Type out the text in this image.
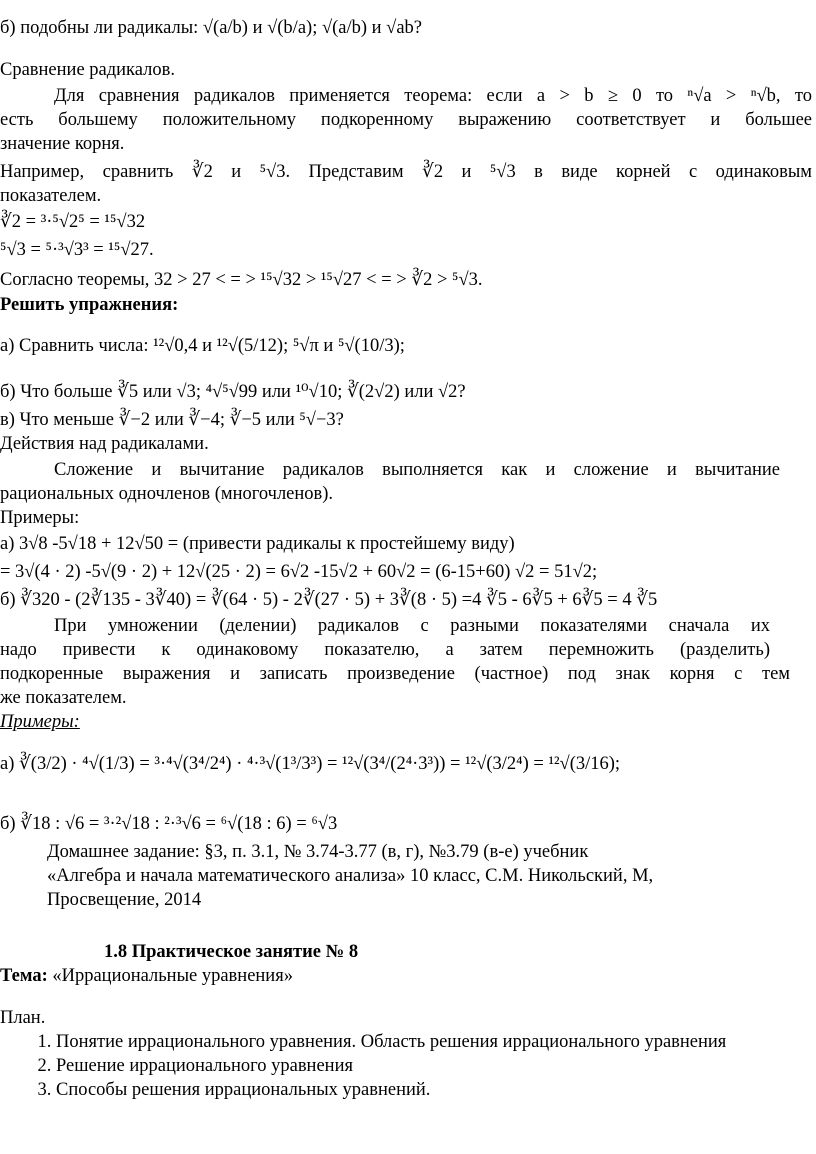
б) подобны ли радикалы: √(a/b) и √(b/a); √(a/b) и √ab?
Сравнение радикалов.
Для сравнения радикалов применяется теорема: если a > b ≥ 0 то ⁿ√a > ⁿ√b, то
есть большему положительному подкоренному выражению соответствует и большее
значение корня.
Например, сравнить ∛2 и ⁵√3. Представим ∛2 и ⁵√3 в виде корней с одинаковым
показателем.
∛2 = ³·⁵√2⁵ = ¹⁵√32
⁵√3 = ⁵·³√3³ = ¹⁵√27.
Согласно теоремы, 32 > 27 < = > ¹⁵√32 > ¹⁵√27 < = > ∛2 > ⁵√3.
Решить упражнения:
а) Сравнить числа: ¹²√0,4 и ¹²√(5/12); ⁵√π и ⁵√(10/3);
б) Что больше ∛5 или √3; ⁴√⁵√99 или ¹⁰√10; ∛(2√2) или √2?
в) Что меньше ∛−2 или ∛−4; ∛−5 или ⁵√−3?
Действия над радикалами.
Сложение и вычитание радикалов выполняется как и сложение и вычитание
рациональных одночленов (многочленов).
Примеры:
а) 3√8 -5√18 + 12√50 = (привести радикалы к простейшему виду)
= 3√(4 · 2) -5√(9 · 2) + 12√(25 · 2) = 6√2 -15√2 + 60√2 = (6-15+60) √2 = 51√2;
б) ∛320 - (2∛135 - 3∛40) = ∛(64 · 5) - 2∛(27 · 5) + 3∛(8 · 5) =4 ∛5 - 6∛5 + 6∛5 = 4 ∛5
При умножении (делении) радикалов с разными показателями сначала их
надо привести к одинаковому показателю, а затем перемножить (разделить)
подкоренные выражения и записать произведение (частное) под знак корня с тем
же показателем.
Примеры:
а) ∛(3/2) · ⁴√(1/3) = ³·⁴√(3⁴/2⁴) · ⁴·³√(1³/3³) = ¹²√(3⁴/(2⁴·3³)) = ¹²√(3/2⁴) = ¹²√(3/16);
б) ∛18 : √6 = ³·²√18 : ²·³√6 = ⁶√(18 : 6) = ⁶√3
Домашнее задание: §3, п. 3.1, № 3.74-3.77 (в, г), №3.79 (в-е) учебник
«Алгебра и начала математического анализа» 10 класс, С.М. Никольский, М,
Просвещение, 2014
1.8 Практическое занятие № 8
Тема: «Иррациональные уравнения»
План.
1. Понятие иррационального уравнения. Область решения иррационального уравнения
2. Решение иррационального уравнения
3. Способы решения иррациональных уравнений.
